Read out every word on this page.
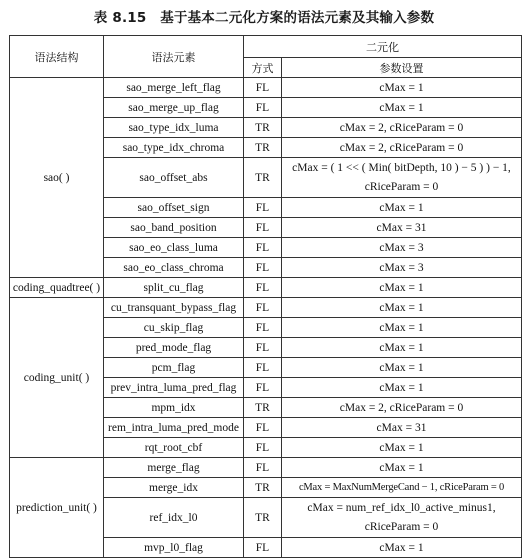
表 8.15　基于基本二元化方案的语法元素及其输入参数
语法结构	语法元素	二元化	
		方式	参数设置
sao( )	sao_merge_left_flag	FL	cMax = 1
	sao_merge_up_flag	FL	cMax = 1
	sao_type_idx_luma	TR	cMax = 2, cRiceParam = 0
	sao_type_idx_chroma	TR	cMax = 2, cRiceParam = 0
	sao_offset_abs	TR	cMax = ( 1 << ( Min( bitDepth, 10 ) − 5 ) ) − 1,
			cRiceParam = 0
	sao_offset_sign	FL	cMax = 1
	sao_band_position	FL	cMax = 31
	sao_eo_class_luma	FL	cMax = 3
	sao_eo_class_chroma	FL	cMax = 3
coding_quadtree( )	split_cu_flag	FL	cMax = 1
coding_unit( )	cu_transquant_bypass_flag	FL	cMax = 1
	cu_skip_flag	FL	cMax = 1
	pred_mode_flag	FL	cMax = 1
	pcm_flag	FL	cMax = 1
	prev_intra_luma_pred_flag	FL	cMax = 1
	mpm_idx	TR	cMax = 2, cRiceParam = 0
	rem_intra_luma_pred_mode	FL	cMax = 31
	rqt_root_cbf	FL	cMax = 1
prediction_unit( )	merge_flag	FL	cMax = 1
	merge_idx	TR	cMax = MaxNumMergeCand − 1, cRiceParam = 0
	ref_idx_l0	TR	cMax = num_ref_idx_l0_active_minus1,
			cRiceParam = 0
	mvp_l0_flag	FL	cMax = 1
